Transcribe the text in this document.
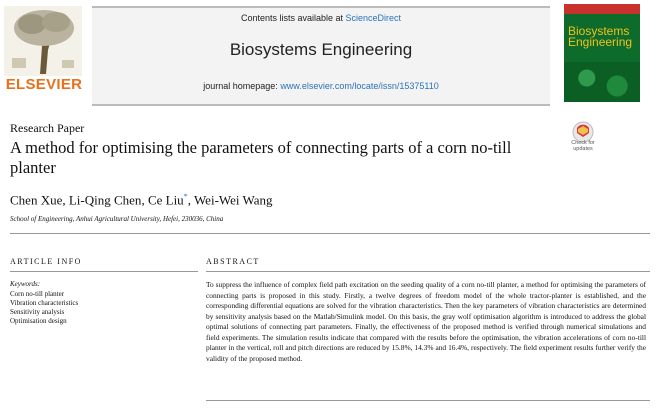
ELSEVIER
Contents lists available at ScienceDirect
Biosystems Engineering
journal homepage: www.elsevier.com/locate/issn/15375110
Biosystems
Engineering
Research Paper
A method for optimising the parameters of connecting parts of a corn no-till planter
Check for updates
Chen Xue, Li-Qing Chen, Ce Liu*, Wei-Wei Wang
School of Engineering, Anhui Agricultural University, Hefei, 230036, China
ARTICLE INFO
Keywords:
Corn no-till planter
Vibration characteristics
Sensitivity analysis
Optimisation design
ABSTRACT
To suppress the influence of complex field path excitation on the seeding quality of a corn no-till planter, a method for optimising the parameters of connecting parts is proposed in this study. Firstly, a twelve degrees of freedom model of the whole tractor-planter is established, and the corresponding differential equations are solved for the vibration characteristics. Then the key parameters of vibration characteristics are determined by sensitivity analysis based on the Matlab/Simulink model. On this basis, the gray wolf optimisation algorithm is introduced to address the global optimal solutions of connecting part parameters. Finally, the effectiveness of the proposed method is verified through numerical simulations and field experiments. The simulation results indicate that compared with the results before the optimisation, the vibration accelerations of corn no-till planter in the vertical, roll and pitch directions are reduced by 15.8%, 14.3% and 16.4%, respectively. The field experiment results further verify the validity of the proposed method.
